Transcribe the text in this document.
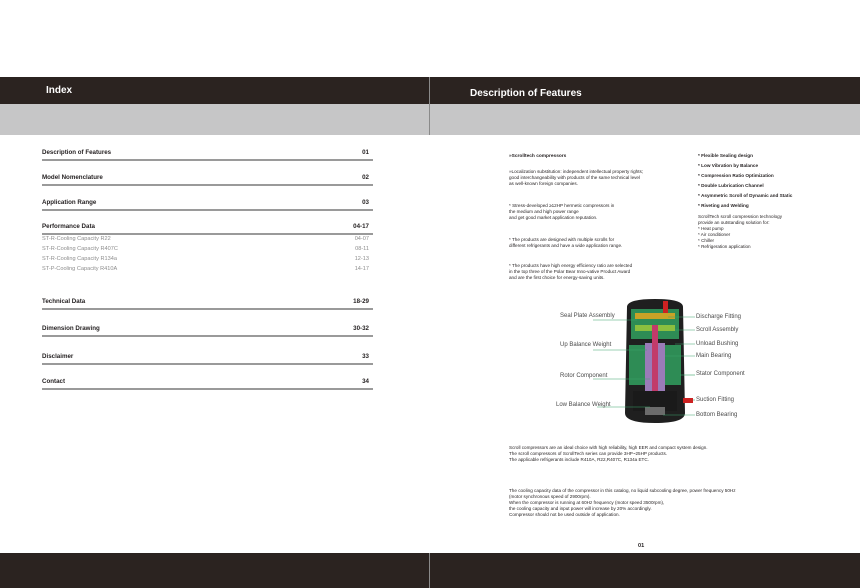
Index	Description of Features
Description of Features	01
Model Nomenclature	02
Application Range	03
Performance Data	04-17
ST-R-Cooling Capacity R22	04-07
ST-R-Cooling Capacity R407C	08-11
ST-R-Cooling Capacity R134a	12-13
ST-P-Cooling Capacity R410A	14-17
Technical Data	18-29
Dimension Drawing	30-32
Disclaimer	33
Contact	34
»Scrolltech compressors
»Localization substitution: independent intellectual property rights;
good interchangeability with products of the same technical level
as well-known foreign companies.
* Stress-developed ≥12HP hermetic compressors in
the medium and high power range
and get good market application reputation.
* The products are designed with multiple scrolls for
different refrigerants and have a wide application range.
* The products have high energy efficiency ratio are selected
in the top three of the Polar Bear Inno-vative Product Award
and are the first choice for energy-saving units.
* Flexible Sealing design
* Low Vibration by Balance
* Compression Ratio Optimization
* Double Lubrication Channel
* Asymmetric Scroll of Dynamic and Static
* Riveting and Welding
ScrollTech scroll compression technology
provide an outstanding solution for:
* Heat pump
* Air conditioner
* Chiller
* Refrigeration application
Seal Plate Assembly
Up Balance Weight
Rotor Component
Low Balance Weight
Discharge Fitting
Scroll Assembly
Unload Bushing
Main Bearing
Stator Component
Suction Fitting
Bottom Bearing
Scroll compressors are an ideal choice with high reliability, high EER and compact system design.
The scroll compressors of ScrollTech series can provide 3HP~25HP products.
The applicable refrigerants include R410A, R22,R407C, R134a ETC.
The cooling capacity data of the compressor in this catalog, no liquid subcooling degree, power frequency 50Hz
(motor synchronous speed of 2900rpm).
When the compressor is running at 60Hz frequency (motor speed 3500rpm),
the cooling capacity and input power will increase by 20% accordingly.
Compressor should not be used outside of application.
01
